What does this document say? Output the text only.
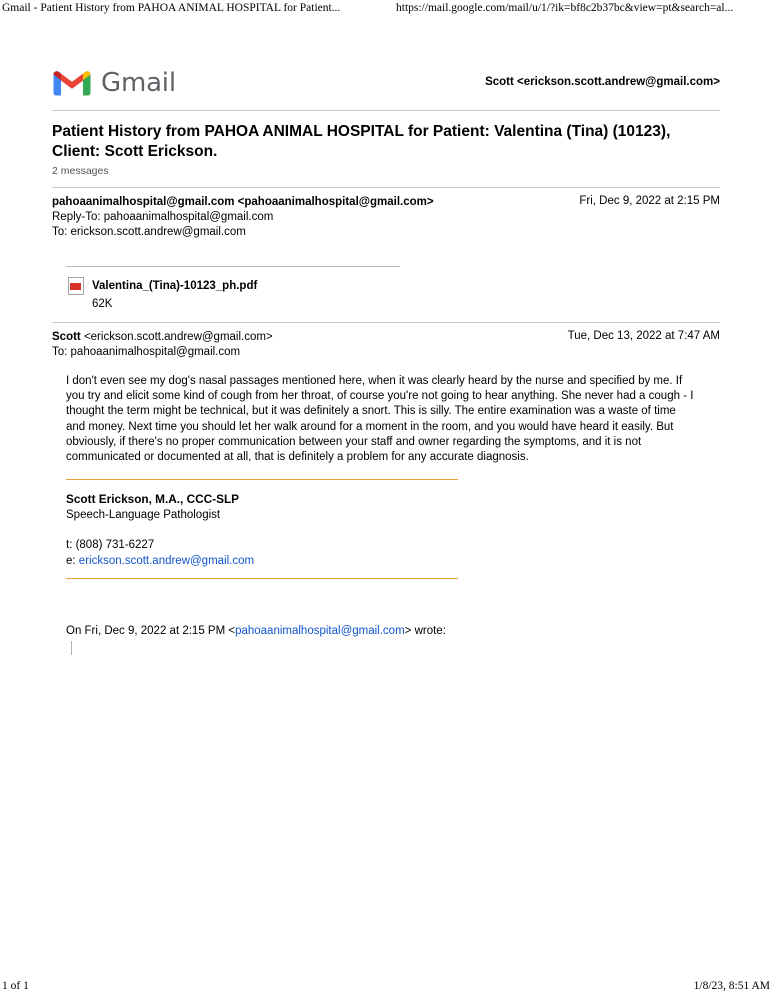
Gmail - Patient History from PAHOA ANIMAL HOSPITAL for Patient...	https://mail.google.com/mail/u/1/?ik=bf8c2b37bc&view=pt&search=al...
Gmail	Scott <erickson.scott.andrew@gmail.com>
Patient History from PAHOA ANIMAL HOSPITAL for Patient: Valentina (Tina) (10123), Client: Scott Erickson.
2 messages
pahoaanimalhospital@gmail.com <pahoaanimalhospital@gmail.com>
Reply-To: pahoaanimalhospital@gmail.com
To: erickson.scott.andrew@gmail.com
Fri, Dec 9, 2022 at 2:15 PM
Valentina_(Tina)-10123_ph.pdf
62K
Scott <erickson.scott.andrew@gmail.com>
To: pahoaanimalhospital@gmail.com
Tue, Dec 13, 2022 at 7:47 AM
I don't even see my dog's nasal passages mentioned here, when it was clearly heard by the nurse and specified by me. If you try and elicit some kind of cough from her throat, of course you're not going to hear anything. She never had a cough - I thought the term might be technical, but it was definitely a snort. This is silly. The entire examination was a waste of time and money. Next time you should let her walk around for a moment in the room, and you would have heard it easily. But obviously, if there's no proper communication between your staff and owner regarding the symptoms, and it is not communicated or documented at all, that is definitely a problem for any accurate diagnosis.
Scott Erickson, M.A., CCC-SLP
Speech-Language Pathologist
t: (808) 731-6227
e: erickson.scott.andrew@gmail.com
On Fri, Dec 9, 2022 at 2:15 PM <pahoaanimalhospital@gmail.com> wrote:
1 of 1	1/8/23, 8:51 AM
